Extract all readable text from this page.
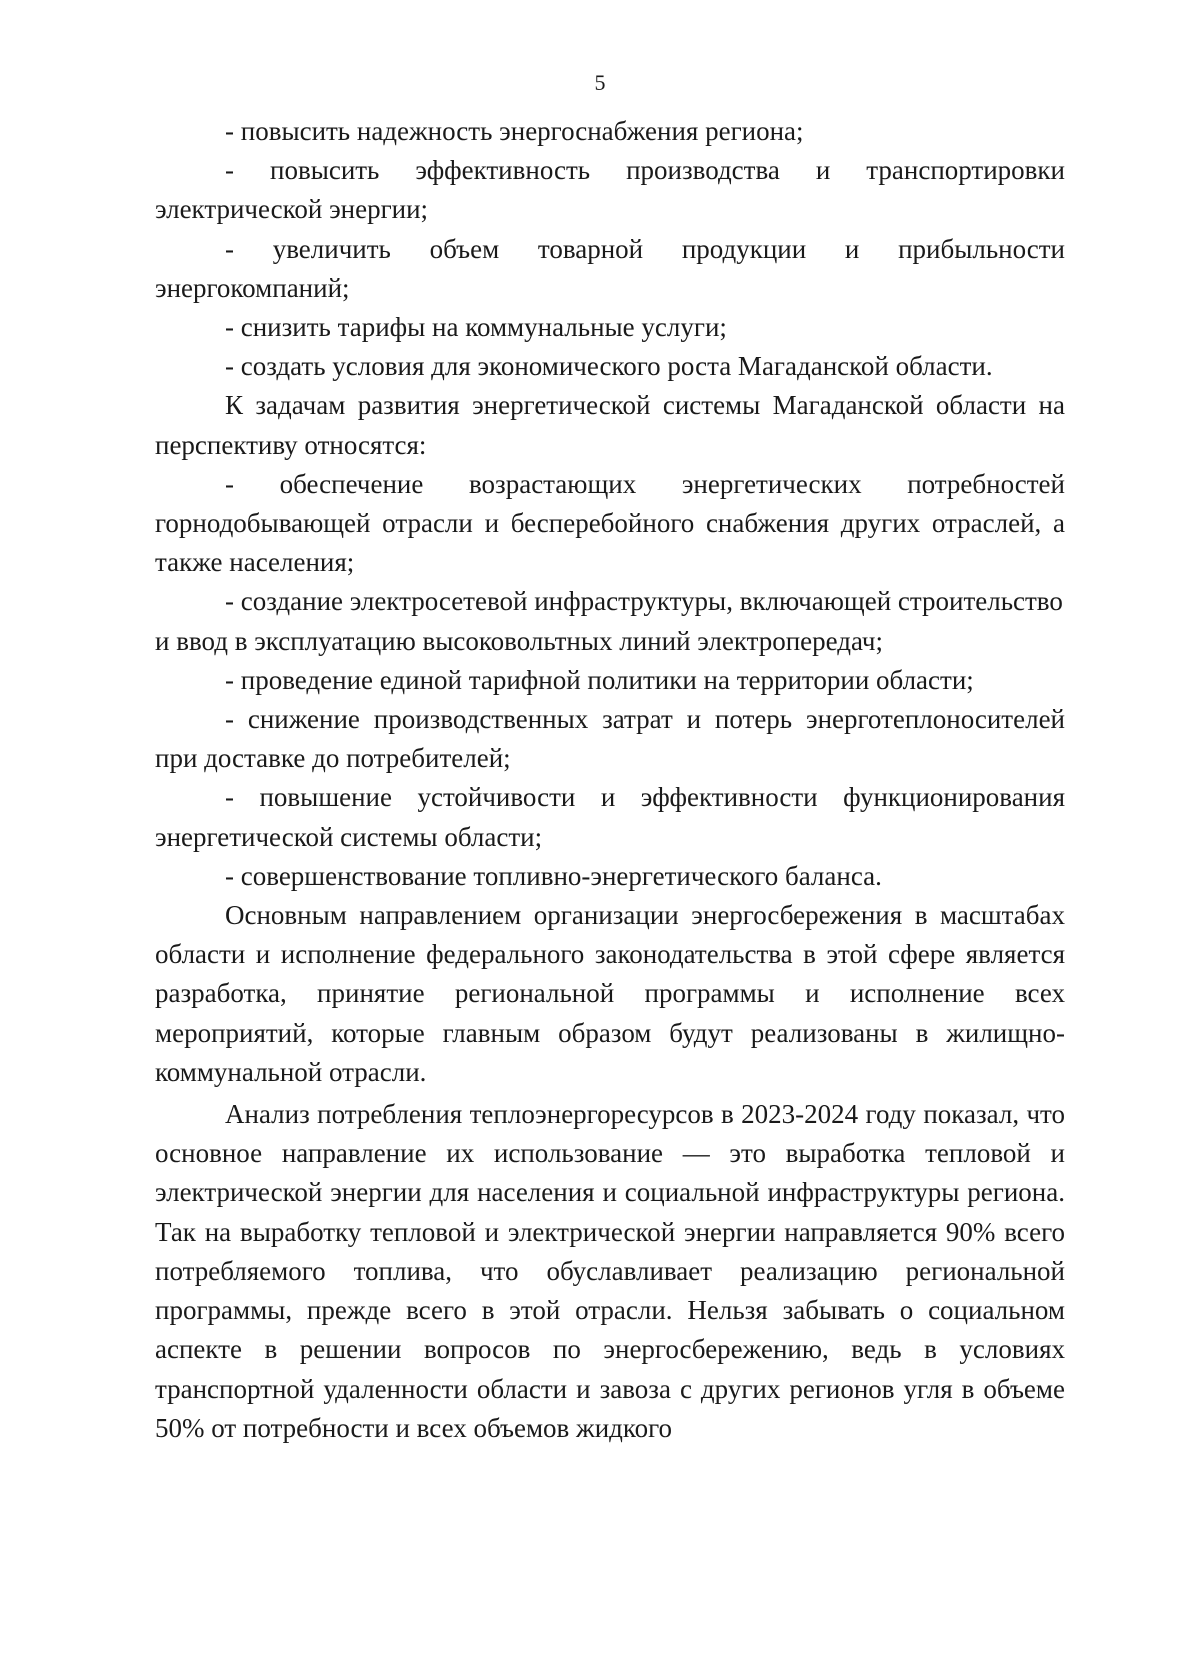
5

- повысить надежность энергоснабжения региона;

- повысить эффективность производства и транспортировки электрической энергии;

- увеличить объем товарной продукции и прибыльности энергокомпаний;

- снизить тарифы на коммунальные услуги;

- создать условия для экономического роста Магаданской области.

К задачам развития энергетической системы Магаданской области на перспективу относятся:

- обеспечение возрастающих энергетических потребностей горнодобывающей отрасли и бесперебойного снабжения других отраслей, а также населения;

- создание электросетевой инфраструктуры, включающей строительство

и ввод в эксплуатацию высоковольтных линий электропередач;

- проведение единой тарифной политики на территории области;

- снижение производственных затрат и потерь энерготеплоносителей при доставке до потребителей;

- повышение устойчивости и эффективности функционирования энергетической системы области;

- совершенствование топливно-энергетического баланса.

Основным направлением организации энергосбережения в масштабах области и исполнение федерального законодательства в этой сфере является разработка, принятие региональной программы и исполнение всех мероприятий, которые главным образом будут реализованы в жилищно-коммунальной отрасли.

Анализ потребления теплоэнергоресурсов в 2023-2024 году показал, что основное направление их использование — это выработка тепловой и электрической энергии для населения и социальной инфраструктуры региона. Так на выработку тепловой и электрической энергии направляется 90% всего потребляемого топлива, что обуславливает реализацию региональной программы, прежде всего в этой отрасли. Нельзя забывать о социальном аспекте в решении вопросов по энергосбережению, ведь в условиях транспортной удаленности области и завоза с других регионов угля в объеме 50% от потребности и всех объемов жидкого
